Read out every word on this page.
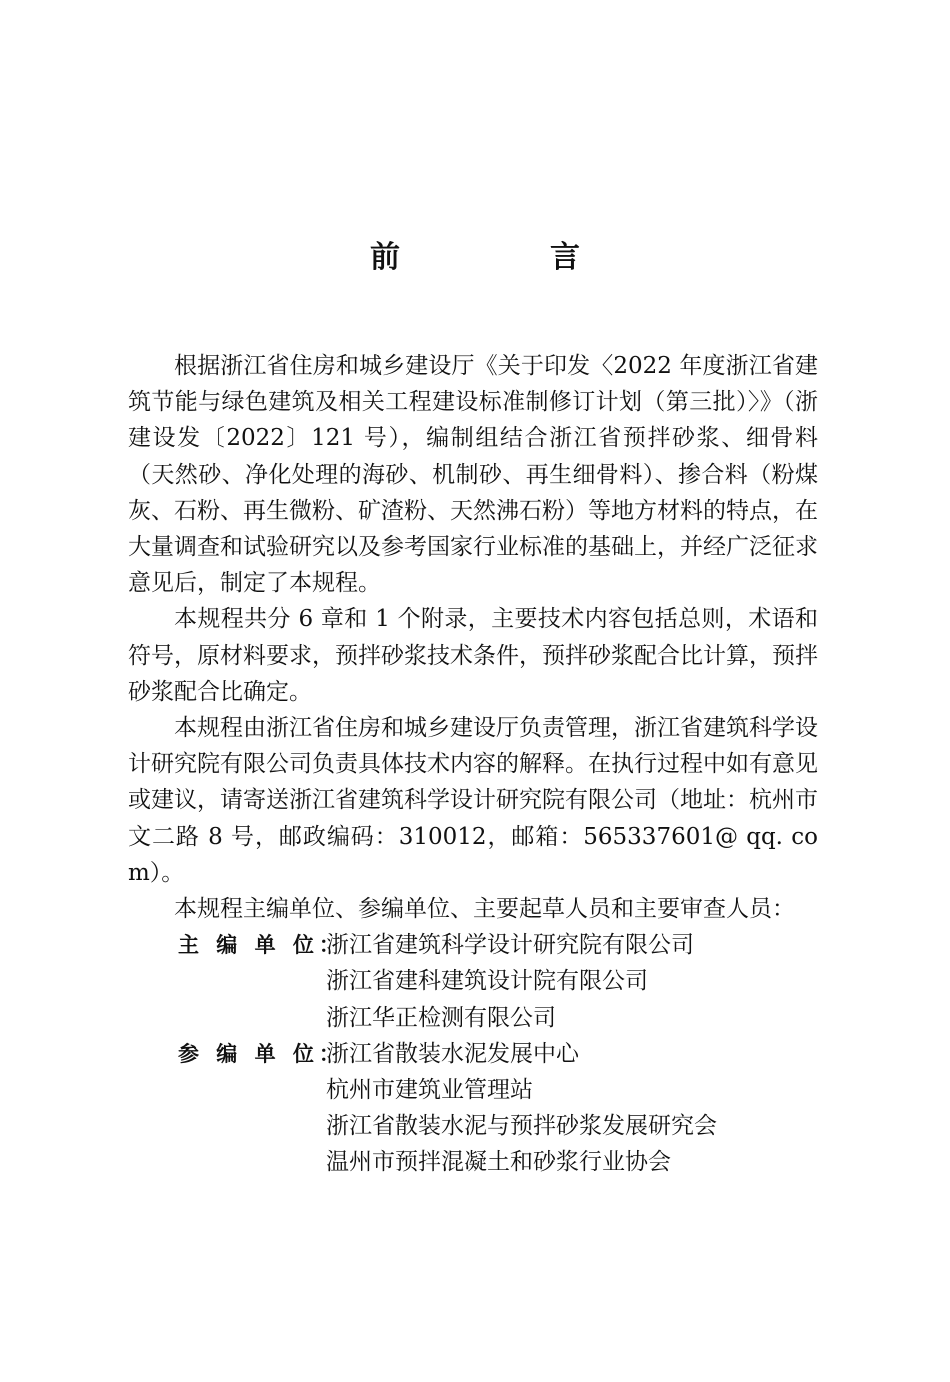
前　言

根据浙江省住房和城乡建设厅《关于印发〈2022 年度浙江省建筑节能与绿色建筑及相关工程建设标准制修订计划（第三批）〉》（浙建设发〔2022〕121 号），编制组结合浙江省预拌砂浆、细骨料（天然砂、净化处理的海砂、机制砂、再生细骨料）、掺合料（粉煤灰、石粉、再生微粉、矿渣粉、天然沸石粉）等地方材料的特点，在大量调查和试验研究以及参考国家行业标准的基础上，并经广泛征求意见后，制定了本规程。

本规程共分 6 章和 1 个附录，主要技术内容包括总则，术语和符号，原材料要求，预拌砂浆技术条件，预拌砂浆配合比计算，预拌砂浆配合比确定。

本规程由浙江省住房和城乡建设厅负责管理，浙江省建筑科学设计研究院有限公司负责具体技术内容的解释。在执行过程中如有意见或建议，请寄送浙江省建筑科学设计研究院有限公司（地址：杭州市文二路 8 号，邮政编码：310012，邮箱：565337601@ qq. com）。

本规程主编单位、参编单位、主要起草人员和主要审查人员：

主 编 单 位：
浙江省建筑科学设计研究院有限公司
浙江省建科建筑设计院有限公司
浙江华正检测有限公司
参 编 单 位：
浙江省散装水泥发展中心
杭州市建筑业管理站
浙江省散装水泥与预拌砂浆发展研究会
温州市预拌混凝土和砂浆行业协会
